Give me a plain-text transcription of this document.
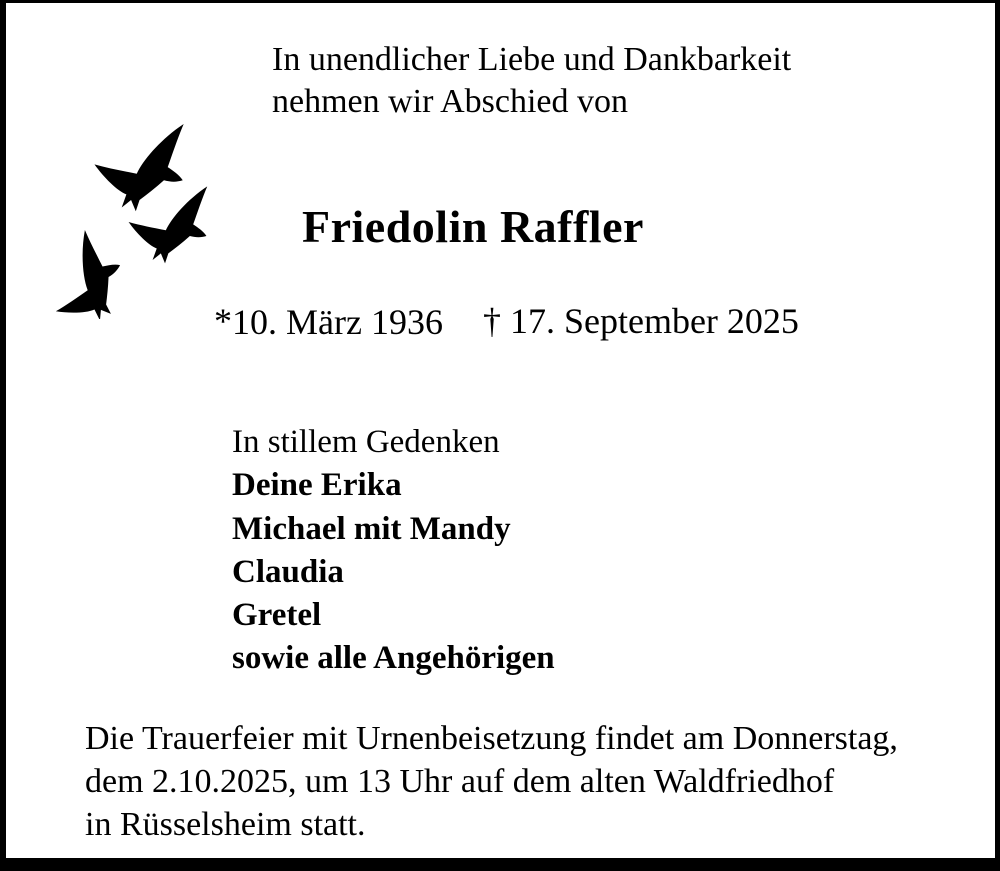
In unendlicher Liebe und Dankbarkeit
nehmen wir Abschied von
Friedolin Raffler
*10. März 1936 † 17. September 2025
In stillem Gedenken
Deine Erika
Michael mit Mandy
Claudia
Gretel
sowie alle Angehörigen
Die Trauerfeier mit Urnenbeisetzung findet am Donnerstag,
dem 2.10.2025, um 13 Uhr auf dem alten Waldfriedhof
in Rüsselsheim statt.
